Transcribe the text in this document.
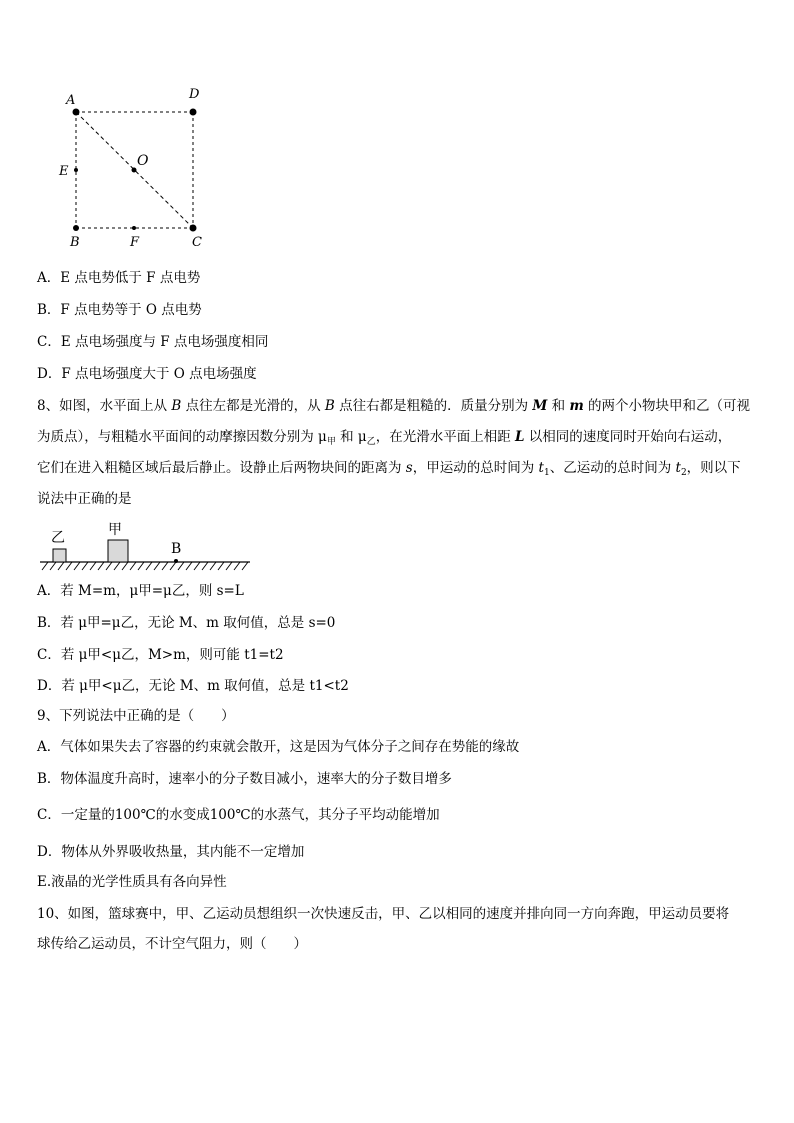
A	D
E
O
B	F	C
A．E 点电势低于 F 点电势
B．F 点电势等于 O 点电势
C．E 点电场强度与 F 点电场强度相同
D．F 点电场强度大于 O 点电场强度
8、如图，水平面上从 B 点往左都是光滑的，从 B 点往右都是粗糙的．质量分别为 M 和 m 的两个小物块甲和乙（可视
为质点），与粗糙水平面间的动摩擦因数分别为 $\mu_甲$ 和 $\mu_乙$，在光滑水平面上相距 L 以相同的速度同时开始向右运动，
它们在进入粗糙区域后最后静止。设静止后两物块间的距离为 s，甲运动的总时间为 $t_1$、乙运动的总时间为 $t_2$，则以下
说法中正确的是
乙	甲
B
A．若 M=m，μ甲=μ乙，则 s=L
B．若 μ甲=μ乙，无论 M、m 取何值，总是 s=0
C．若 μ甲<μ乙，M>m，则可能 t1=t2
D．若 μ甲<μ乙，无论 M、m 取何值，总是 t1<t2
9、下列说法中正确的是（　　）
A．气体如果失去了容器的约束就会散开，这是因为气体分子之间存在势能的缘故
B．物体温度升高时，速率小的分子数目减小，速率大的分子数目增多
C．一定量的100℃的水变成100℃的水蒸气，其分子平均动能增加
D．物体从外界吸收热量，其内能不一定增加
E.液晶的光学性质具有各向异性
10、如图，篮球赛中，甲、乙运动员想组织一次快速反击，甲、乙以相同的速度并排向同一方向奔跑，甲运动员要将
球传给乙运动员，不计空气阻力，则（　　）
